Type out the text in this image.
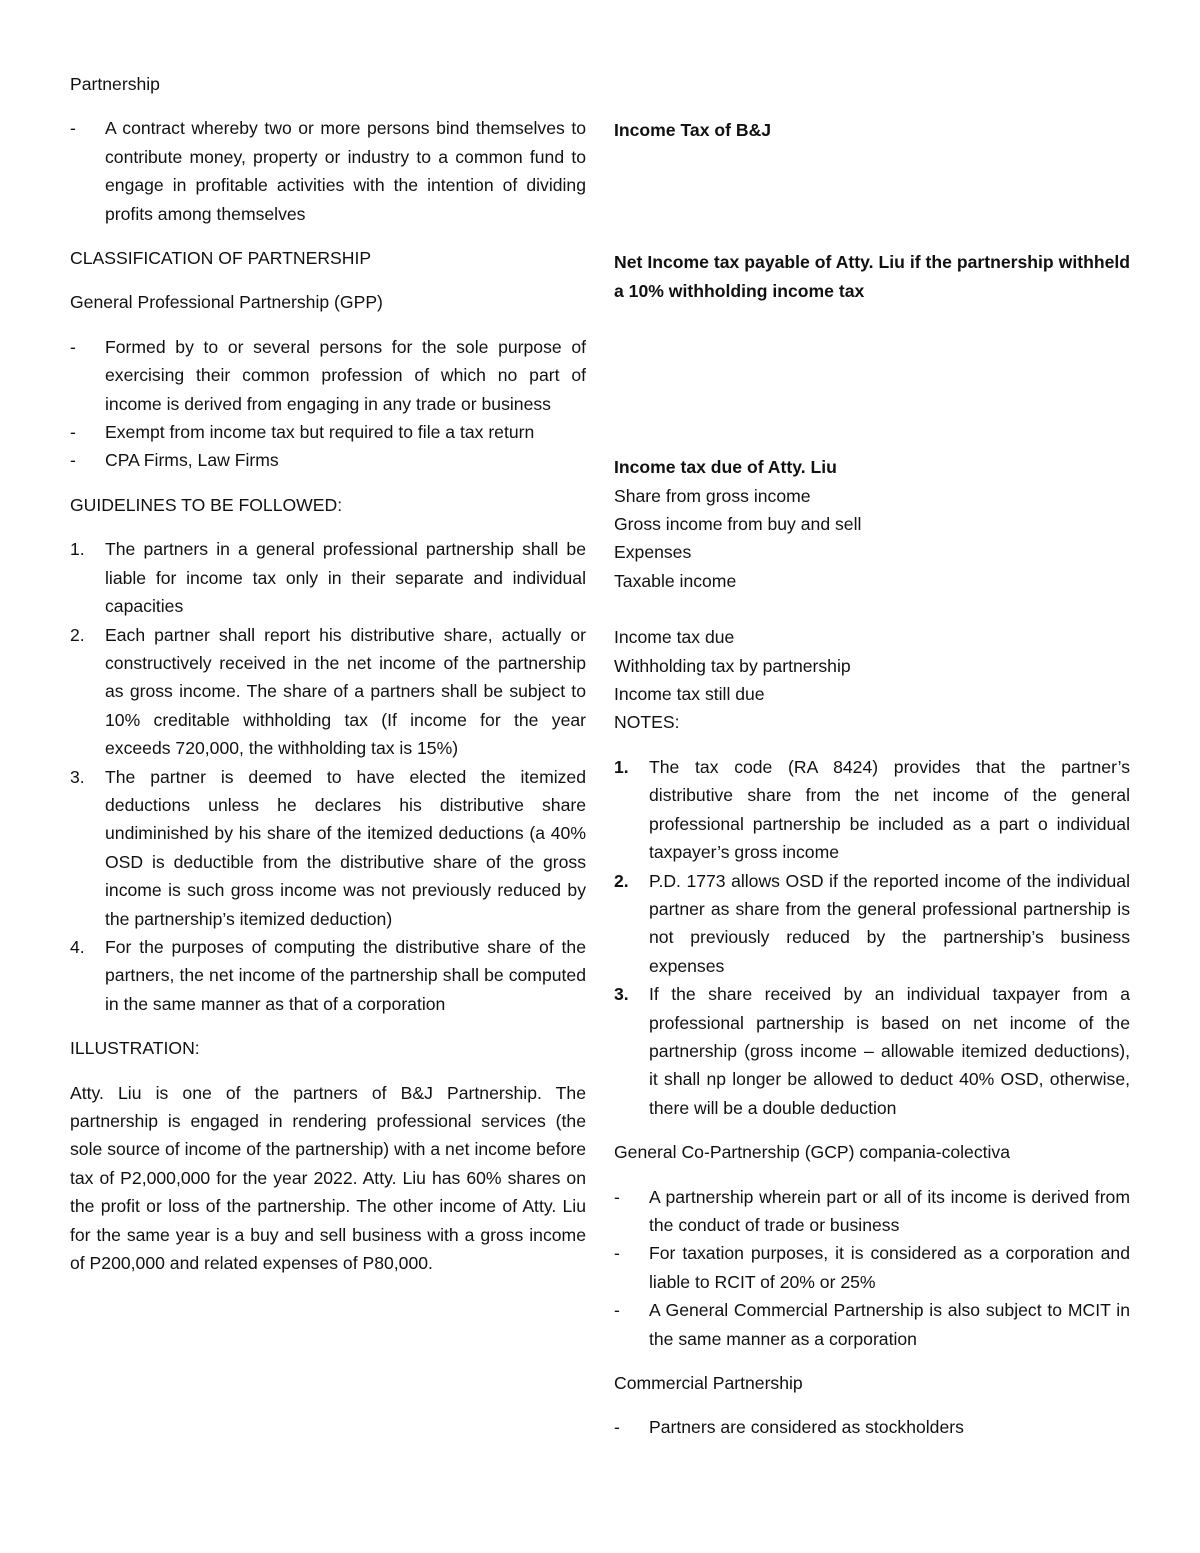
Partnership

- A contract whereby two or more persons bind themselves to contribute money, property or industry to a common fund to engage in profitable activities with the intention of dividing profits among themselves

CLASSIFICATION OF PARTNERSHIP

General Professional Partnership (GPP)

- Formed by to or several persons for the sole purpose of exercising their common profession of which no part of income is derived from engaging in any trade or business
- Exempt from income tax but required to file a tax return
- CPA Firms, Law Firms

GUIDELINES TO BE FOLLOWED:

1. The partners in a general professional partnership shall be liable for income tax only in their separate and individual capacities
2. Each partner shall report his distributive share, actually or constructively received in the net income of the partnership as gross income. The share of a partners shall be subject to 10% creditable withholding tax (If income for the year exceeds 720,000, the withholding tax is 15%)
3. The partner is deemed to have elected the itemized deductions unless he declares his distributive share undiminished by his share of the itemized deductions (a 40% OSD is deductible from the distributive share of the gross income is such gross income was not previously reduced by the partnership’s itemized deduction)
4. For the purposes of computing the distributive share of the partners, the net income of the partnership shall be computed in the same manner as that of a corporation

ILLUSTRATION:

Atty. Liu is one of the partners of B&J Partnership. The partnership is engaged in rendering professional services (the sole source of income of the partnership) with a net income before tax of P2,000,000 for the year 2022. Atty. Liu has 60% shares on the profit or loss of the partnership. The other income of Atty. Liu for the same year is a buy and sell business with a gross income of P200,000 and related expenses of P80,000.

Income Tax of B&J

Net Income tax payable of Atty. Liu if the partnership withheld a 10% withholding income tax

Income tax due of Atty. Liu

Share from gross income

Gross income from buy and sell

Expenses

Taxable income

Income tax due

Withholding tax by partnership

Income tax still due

NOTES:

1. The tax code (RA 8424) provides that the partner’s distributive share from the net income of the general professional partnership be included as a part o individual taxpayer’s gross income
2. P.D. 1773 allows OSD if the reported income of the individual partner as share from the general professional partnership is not previously reduced by the partnership’s business expenses
3. If the share received by an individual taxpayer from a professional partnership is based on net income of the partnership (gross income – allowable itemized deductions), it shall np longer be allowed to deduct 40% OSD, otherwise, there will be a double deduction

General Co-Partnership (GCP) compania-colectiva

- A partnership wherein part or all of its income is derived from the conduct of trade or business
- For taxation purposes, it is considered as a corporation and liable to RCIT of 20% or 25%
- A General Commercial Partnership is also subject to MCIT in the same manner as a corporation

Commercial Partnership

- Partners are considered as stockholders
